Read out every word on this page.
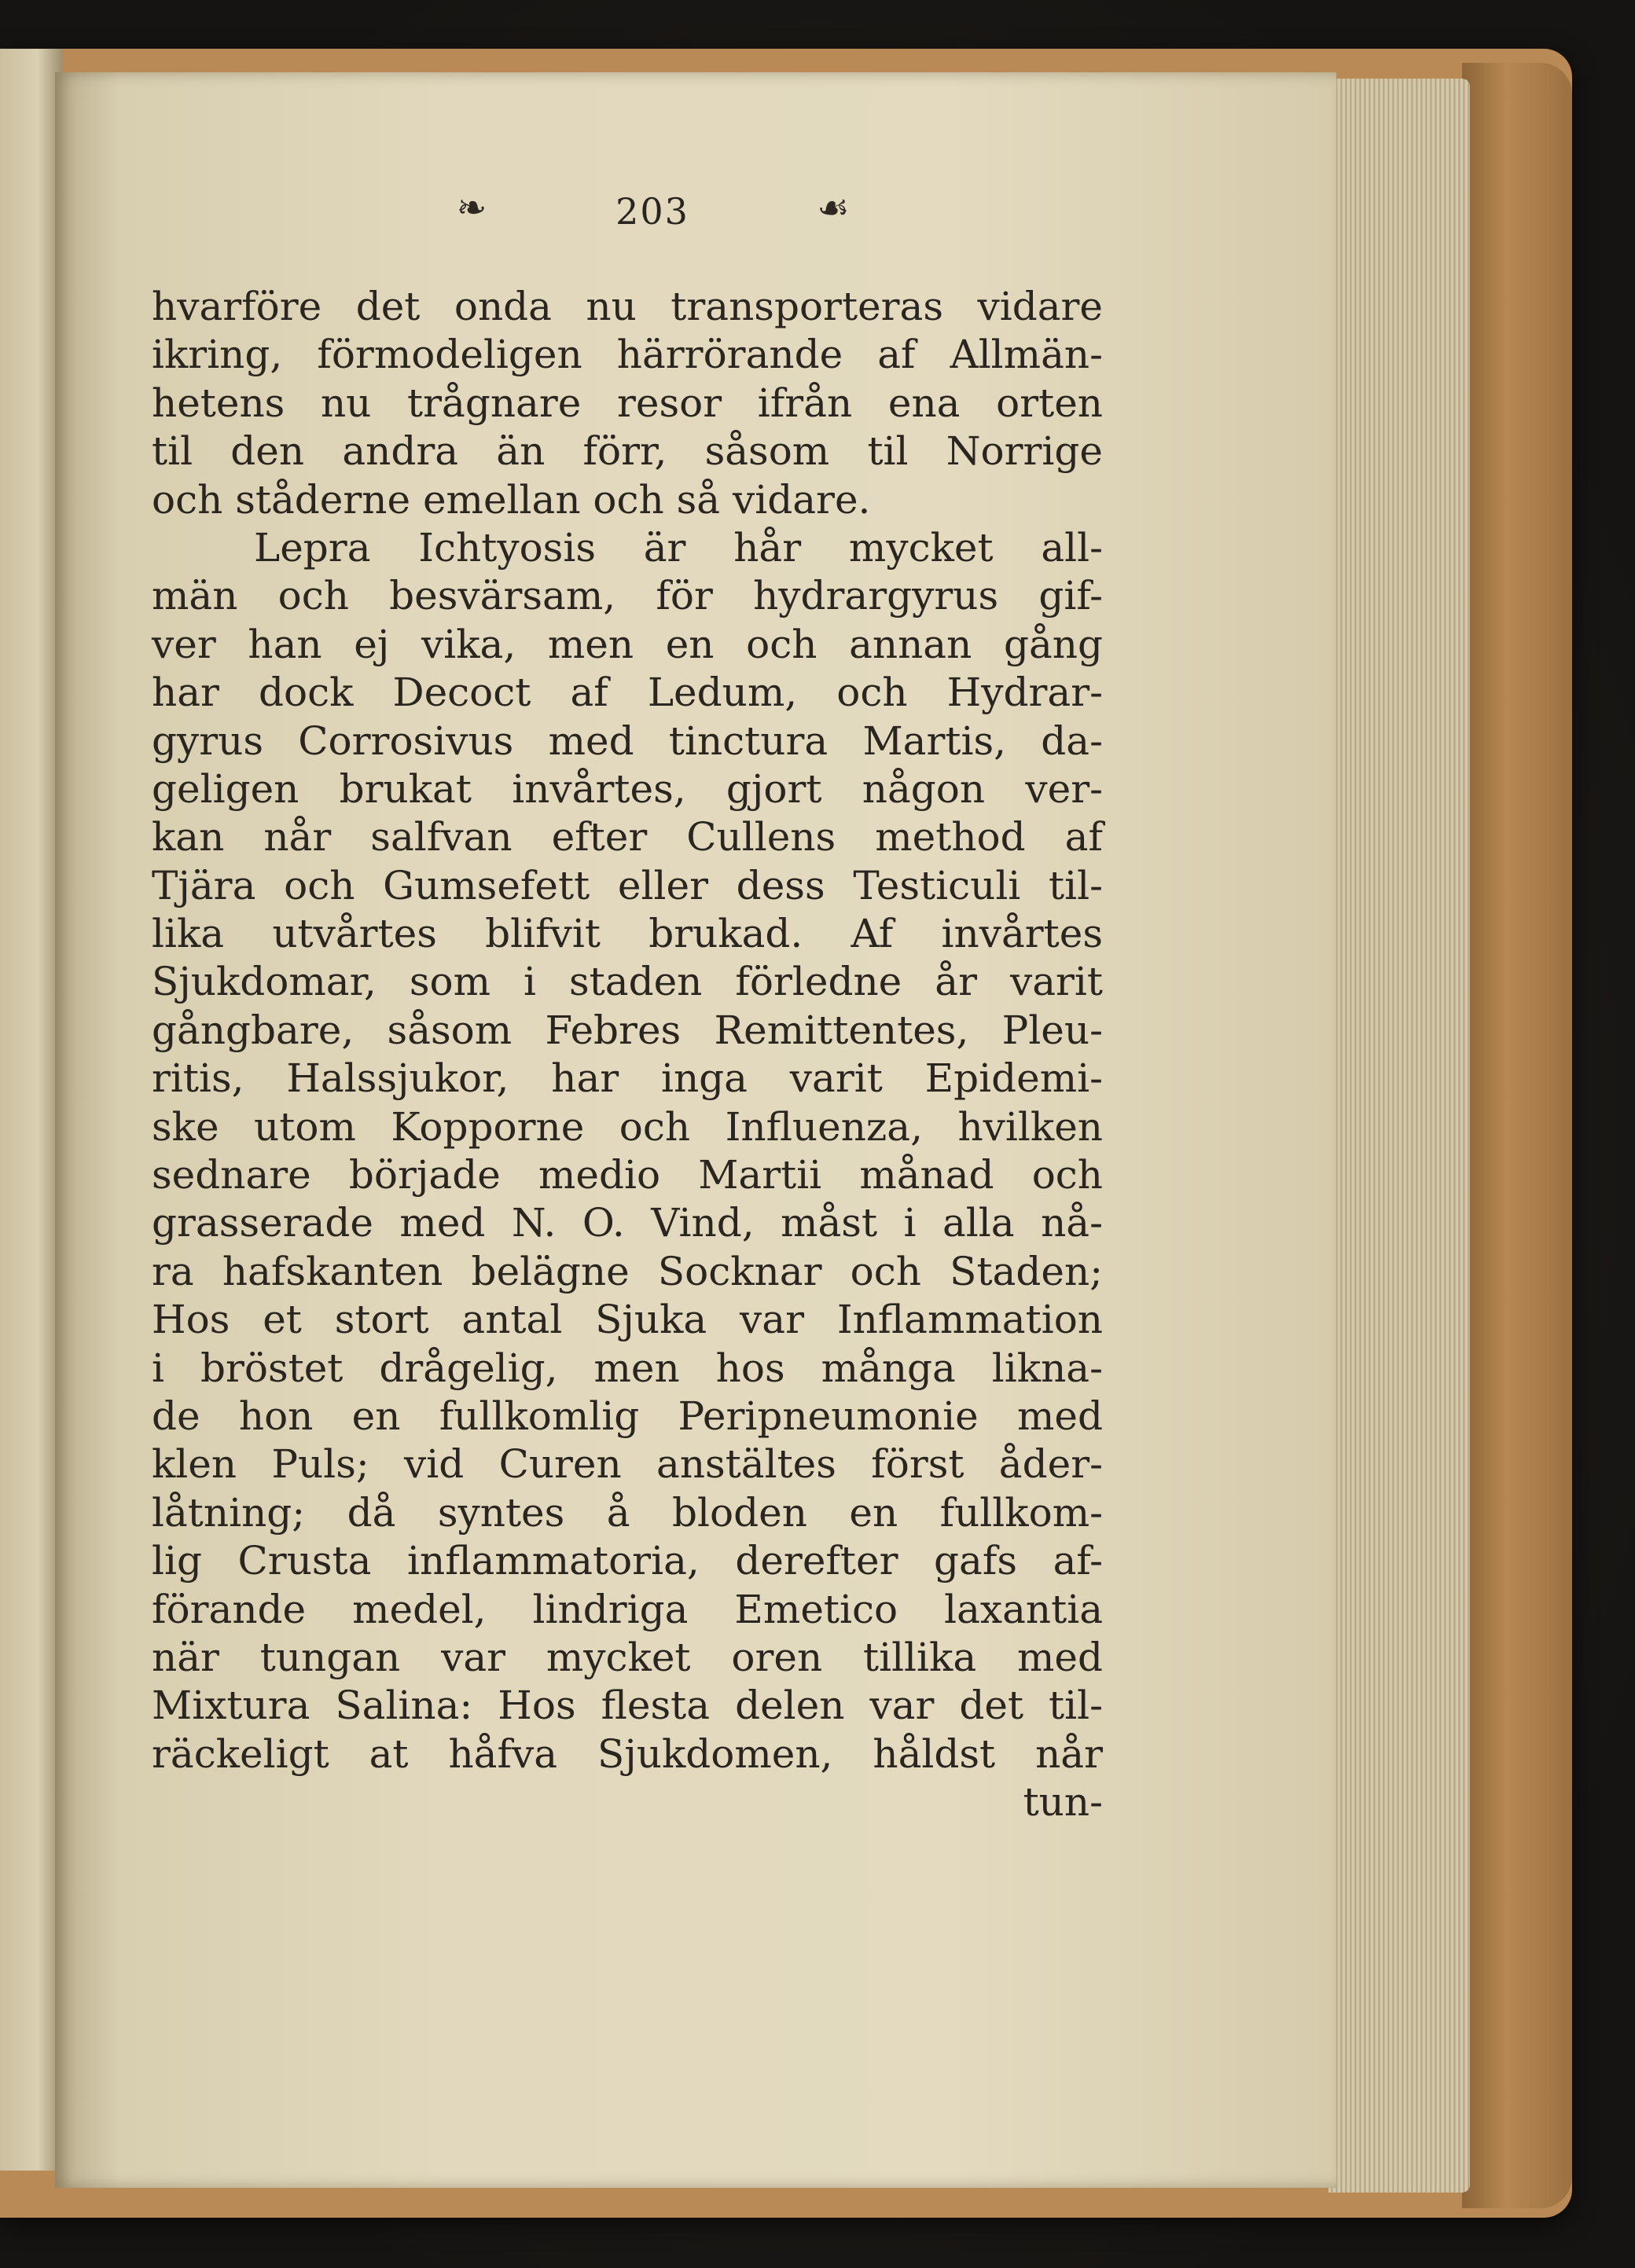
❧	203	☙
hvarföre det onda nu transporteras vidare
ikring, förmodeligen härrörande af Allmän-
hetens nu trågnare resor ifrån ena orten
til den andra än förr, såsom til Norrige
och ståderne emellan och så vidare.
Lepra Ichtyosis är hår mycket all-
män och besvärsam, för hydrargyrus gif-
ver han ej vika, men en och annan gång
har dock Decoct af Ledum, och Hydrar-
gyrus Corrosivus med tinctura Martis, da-
geligen brukat invårtes, gjort någon ver-
kan når salfvan efter Cullens method af
Tjära och Gumsefett eller dess Testiculi til-
lika utvårtes blifvit brukad. Af invårtes
Sjukdomar, som i staden förledne år varit
gångbare, såsom Febres Remittentes, Pleu-
ritis, Halssjukor, har inga varit Epidemi-
ske utom Kopporne och Influenza, hvilken
sednare började medio Martii månad och
grasserade med N. O. Vind, måst i alla nå-
ra hafskanten belägne Socknar och Staden;
Hos et stort antal Sjuka var Inflammation
i bröstet drågelig, men hos många likna-
de hon en fullkomlig Peripneumonie med
klen Puls; vid Curen anstältes först åder-
låtning; då syntes å bloden en fullkom-
lig Crusta inflammatoria, derefter gafs af-
förande medel, lindriga Emetico laxantia
när tungan var mycket oren tillika med
Mixtura Salina: Hos flesta delen var det til-
räckeligt at håfva Sjukdomen, håldst når
tun-
